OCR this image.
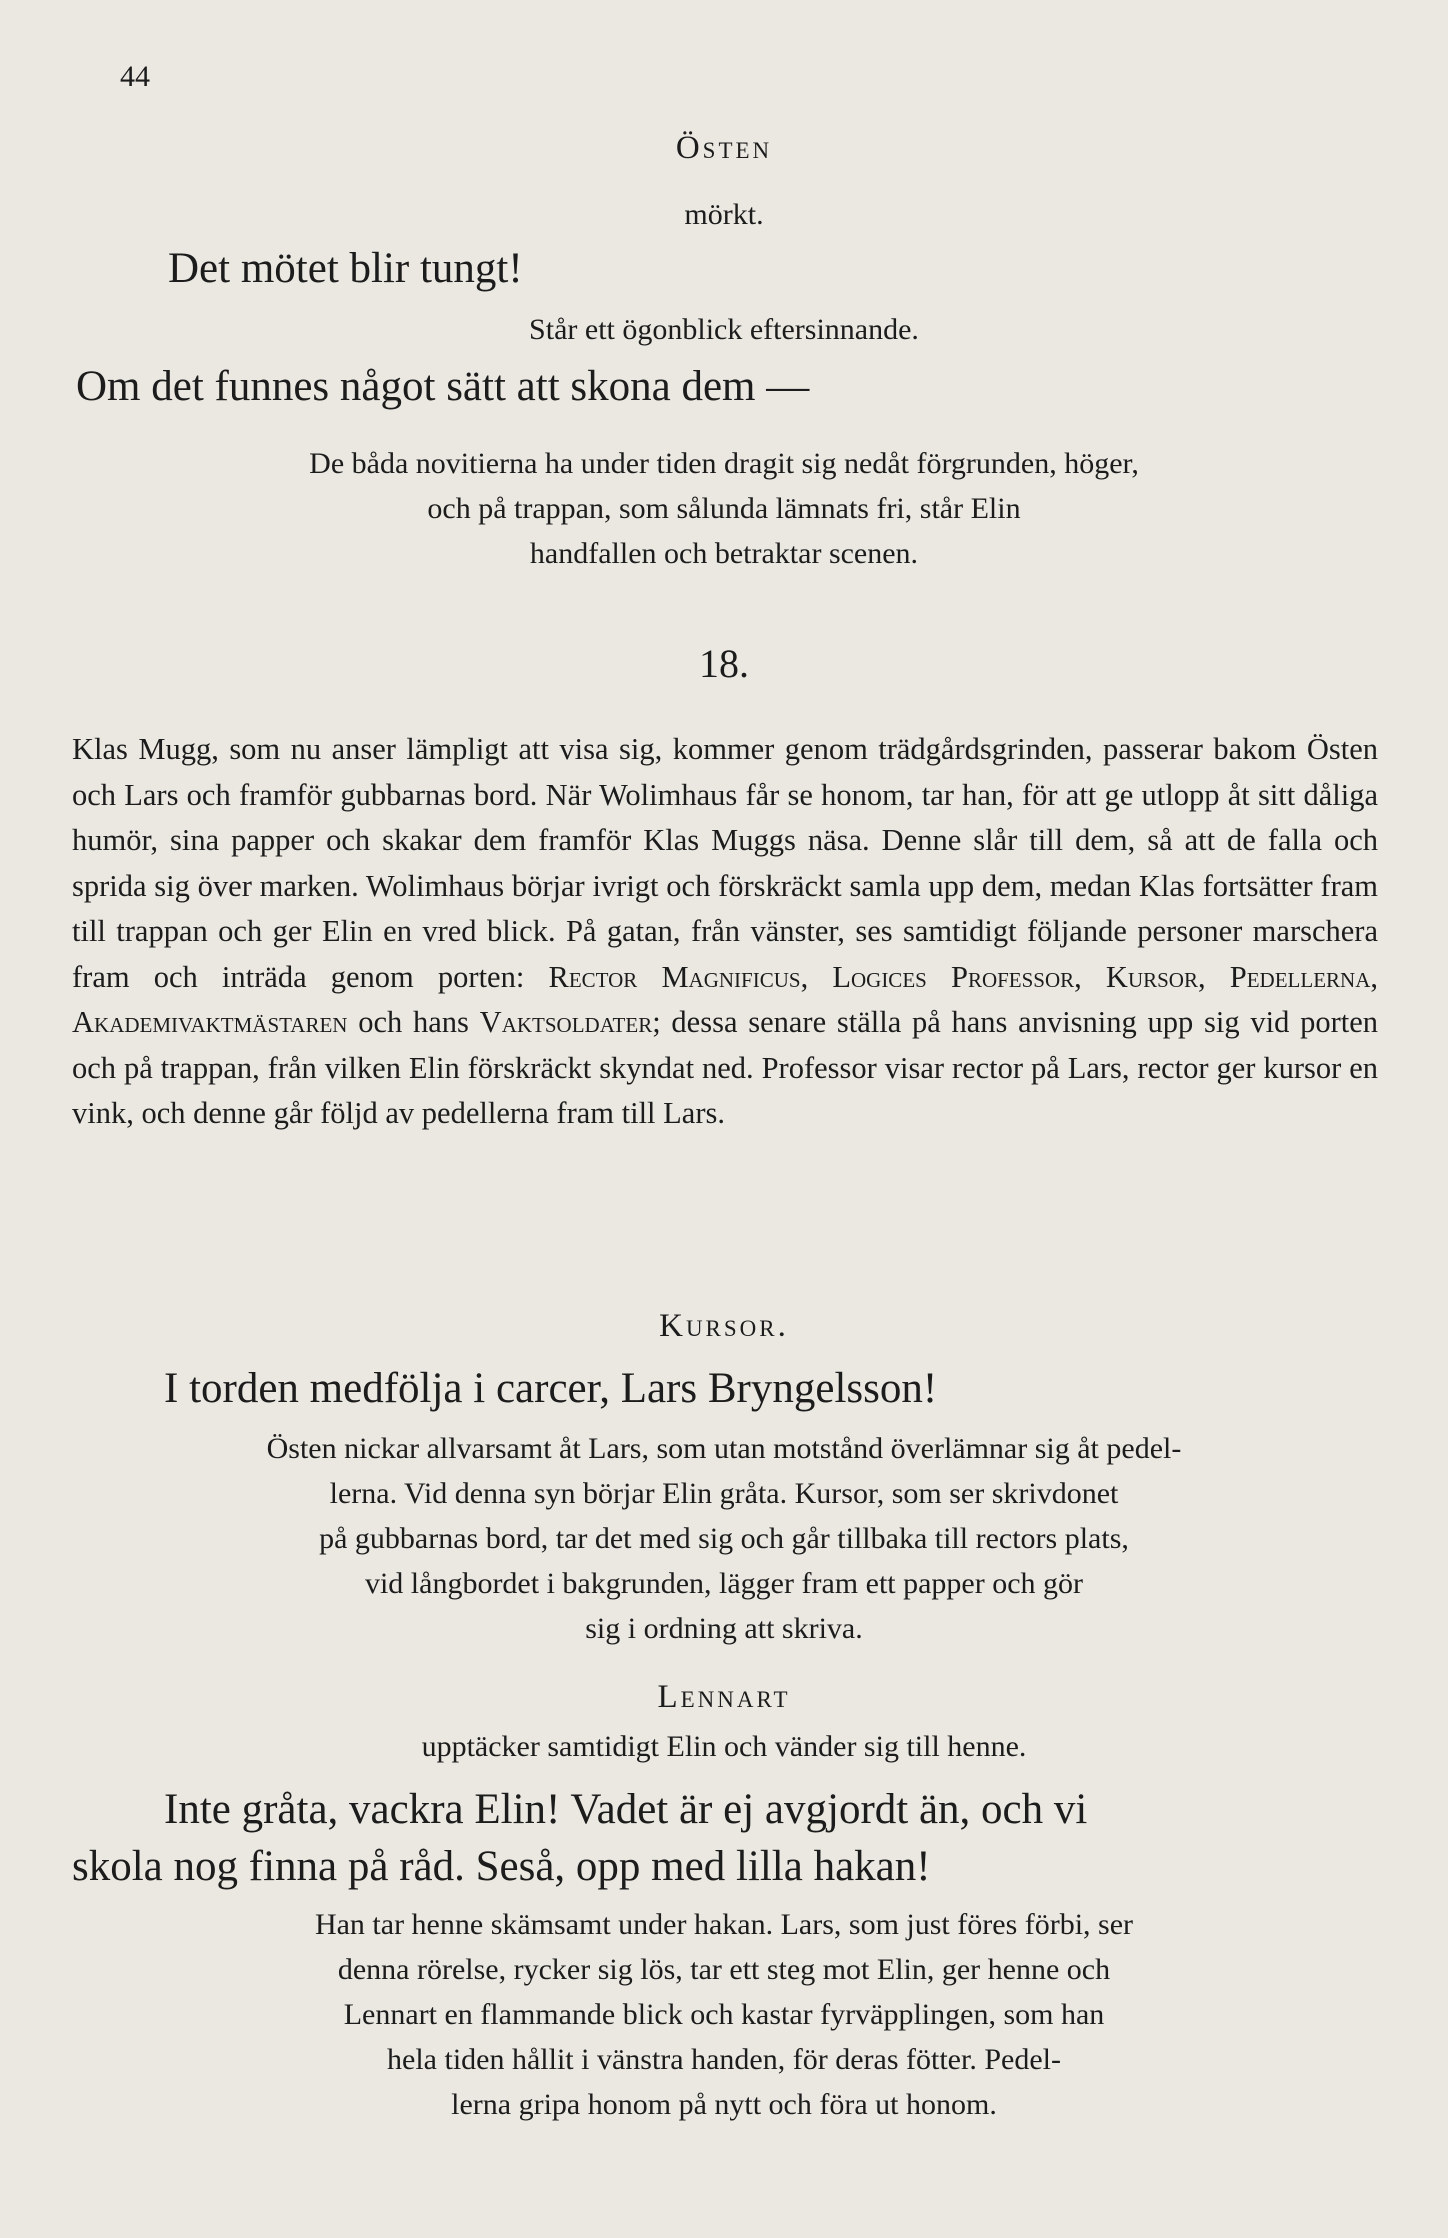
44
Östen
mörkt.
Det mötet blir tungt!
Står ett ögonblick eftersinnande.
Om det funnes något sätt att skona dem —
De båda novitierna ha under tiden dragit sig nedåt förgrunden, höger,
och på trappan, som sålunda lämnats fri, står Elin
handfallen och betraktar scenen.
18.

Klas Mugg, som nu anser lämpligt att visa sig, kommer genom trädgårdsgrinden, passerar bakom Östen och Lars och framför gubbarnas bord. När Wolimhaus får se honom, tar han, för att ge utlopp åt sitt dåliga humör, sina papper och skakar dem framför Klas Muggs näsa. Denne slår till dem, så att de falla och sprida sig över marken. Wolimhaus börjar ivrigt och förskräckt samla upp dem, medan Klas fortsätter fram till trappan och ger Elin en vred blick. På gatan, från vänster, ses samtidigt följande personer marschera fram och inträda genom porten: Rector Magnificus, Logices Professor, Kursor, Pedellerna, Akademivaktmästaren och hans Vaktsoldater; dessa senare ställa på hans anvisning upp sig vid porten och på trappan, från vilken Elin förskräckt skyndat ned. Professor visar rector på Lars, rector ger kursor en vink, och denne går följd av pedellerna fram till Lars.

Kursor.
I torden medfölja i carcer, Lars Bryngelsson!
Östen nickar allvarsamt åt Lars, som utan motstånd överlämnar sig åt pedel-
lerna. Vid denna syn börjar Elin gråta. Kursor, som ser skrivdonet
på gubbarnas bord, tar det med sig och går tillbaka till rectors plats,
vid långbordet i bakgrunden, lägger fram ett papper och gör
sig i ordning att skriva.
Lennart
upptäcker samtidigt Elin och vänder sig till henne.
Inte gråta, vackra Elin! Vadet är ej avgjordt än, och vi
skola nog finna på råd. Seså, opp med lilla hakan!
Han tar henne skämsamt under hakan. Lars, som just föres förbi, ser
denna rörelse, rycker sig lös, tar ett steg mot Elin, ger henne och
Lennart en flammande blick och kastar fyrväpplingen, som han
hela tiden hållit i vänstra handen, för deras fötter. Pedel-
lerna gripa honom på nytt och föra ut honom.
